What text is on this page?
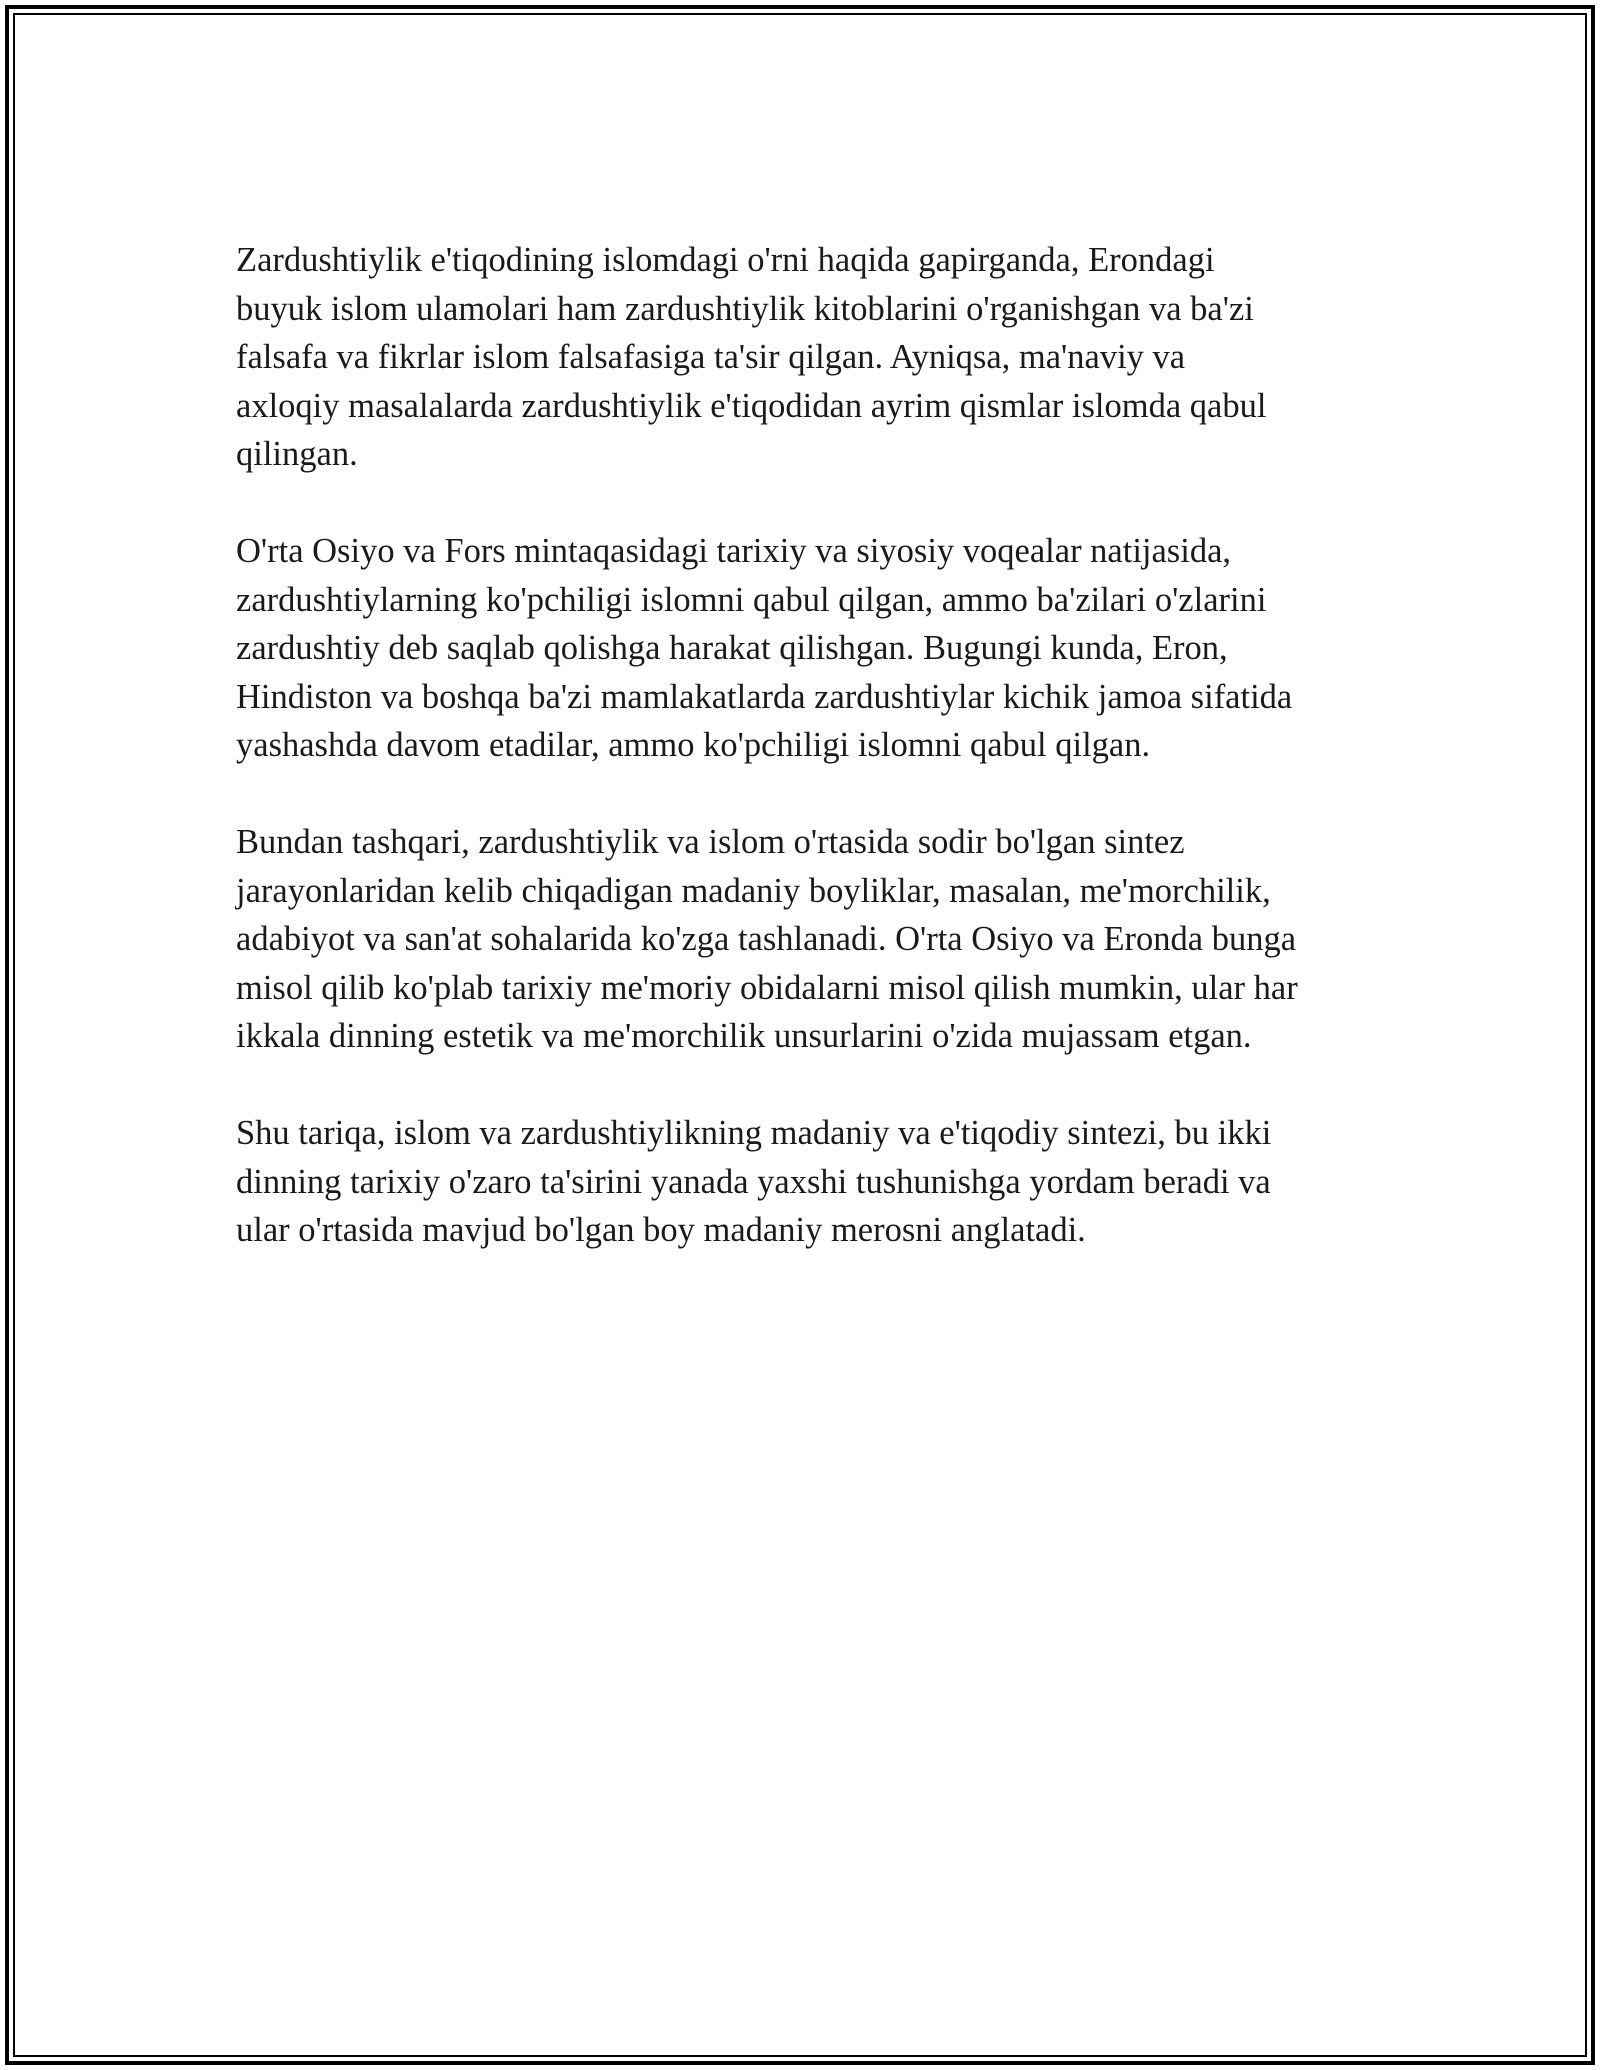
Zardushtiylik e'tiqodining islomdagi o'rni haqida gapirganda, Erondagi
buyuk islom ulamolari ham zardushtiylik kitoblarini o'rganishgan va ba'zi
falsafa va fikrlar islom falsafasiga ta'sir qilgan. Ayniqsa, ma'naviy va
axloqiy masalalarda zardushtiylik e'tiqodidan ayrim qismlar islomda qabul
qilingan.

O'rta Osiyo va Fors mintaqasidagi tarixiy va siyosiy voqealar natijasida,
zardushtiylarning ko'pchiligi islomni qabul qilgan, ammo ba'zilari o'zlarini
zardushtiy deb saqlab qolishga harakat qilishgan. Bugungi kunda, Eron,
Hindiston va boshqa ba'zi mamlakatlarda zardushtiylar kichik jamoa sifatida
yashashda davom etadilar, ammo ko'pchiligi islomni qabul qilgan.

Bundan tashqari, zardushtiylik va islom o'rtasida sodir bo'lgan sintez
jarayonlaridan kelib chiqadigan madaniy boyliklar, masalan, me'morchilik,
adabiyot va san'at sohalarida ko'zga tashlanadi. O'rta Osiyo va Eronda bunga
misol qilib ko'plab tarixiy me'moriy obidalarni misol qilish mumkin, ular har
ikkala dinning estetik va me'morchilik unsurlarini o'zida mujassam etgan.

Shu tariqa, islom va zardushtiylikning madaniy va e'tiqodiy sintezi, bu ikki
dinning tarixiy o'zaro ta'sirini yanada yaxshi tushunishga yordam beradi va
ular o'rtasida mavjud bo'lgan boy madaniy merosni anglatadi.
